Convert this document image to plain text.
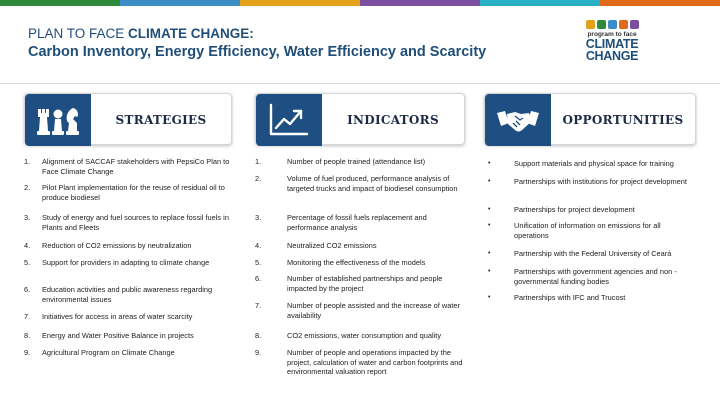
PLAN TO FACE CLIMATE CHANGE:
Carbon Inventory, Energy Efficiency, Water Efficiency and Scarcity
program to face
CLIMATE
CHANGE
STRATEGIES
1. Alignment of SACCAF stakeholders with PepsiCo Plan to Face Climate Change
2. Pilot Plant implementation for the reuse of residual oil to produce biodiesel
3. Study of energy and fuel sources to replace fossil fuels in Plants and Fleets
4. Reduction of CO2 emissions by neutralization
5. Support for providers in adapting to climate change
6. Education activities and public awareness regarding environmental issues
7. Initiatives for access in areas of water scarcity
8. Energy and Water Positive Balance in projects
9. Agricultural Program on Climate Change
INDICATORS
1.	Number of people trained (attendance list)
2.	Volume of fuel produced, performance analysis of targeted trucks and impact of biodiesel consumption
3.	Percentage of fossil fuels replacement and performance analysis
4.	Neutralized CO2 emissions
5.	Monitoring the effectiveness of the models
6.	Number of established partnerships and people impacted by the project
7.	Number of people assisted and the increase of water availability
8.	CO2 emissions, water consumption and quality
9.	Number of people and operations impacted by the project, calculation of water and carbon footprints and environmental valuation report
OPPORTUNITIES
•	Support materials and physical space for training
•	Partnerships with institutions for project development
•	Partnerships for project development
•	Unification of information on emissions for all operations
•	Partnership with the Federal University of Ceará
•	Partnerships with government agencies and non -governmental funding bodies
•	Partnerships with IFC and Trucost
